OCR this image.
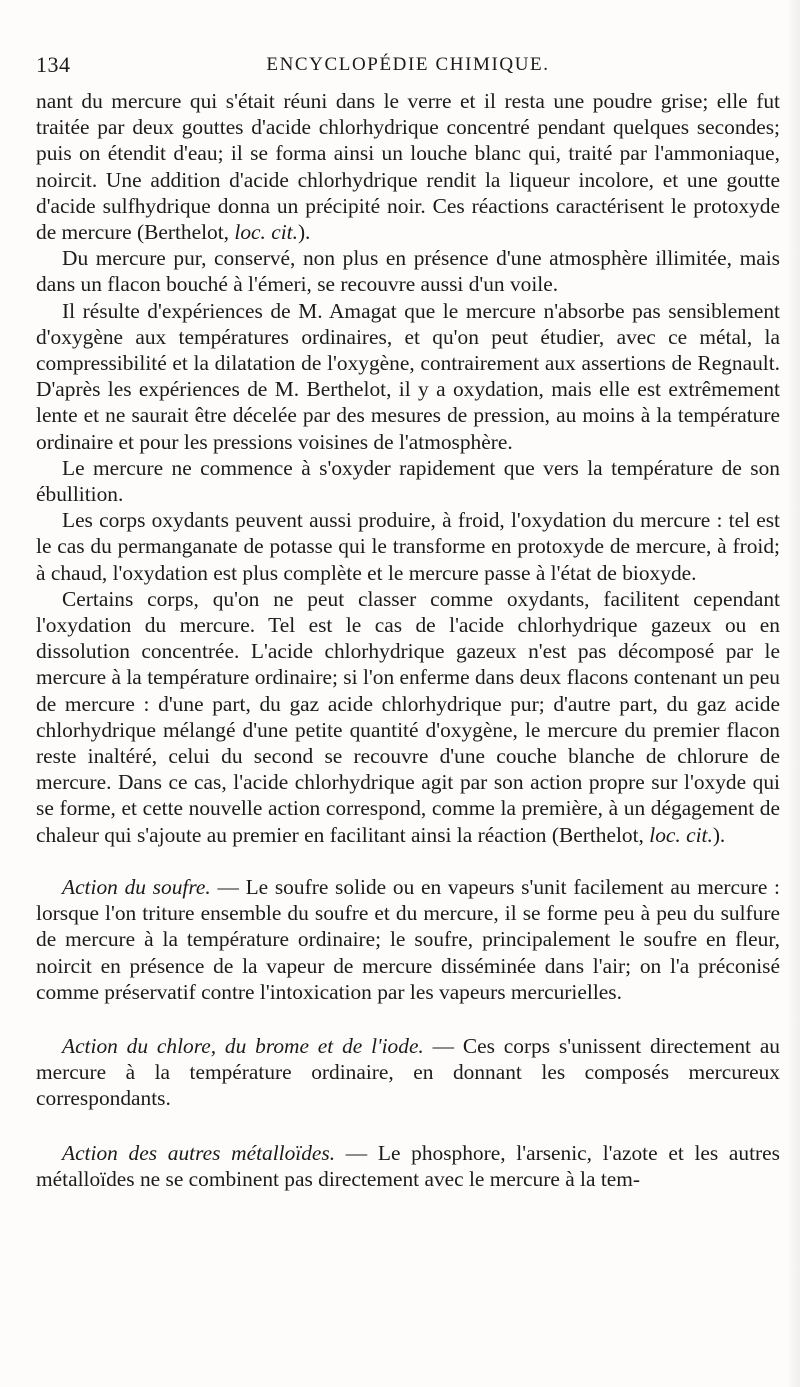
134	ENCYCLOPÉDIE CHIMIQUE.

nant du mercure qui s'était réuni dans le verre et il resta une poudre grise; elle fut traitée par deux gouttes d'acide chlorhydrique concentré pendant quelques secondes; puis on étendit d'eau; il se forma ainsi un louche blanc qui, traité par l'ammoniaque, noircit. Une addition d'acide chlorhydrique rendit la liqueur incolore, et une goutte d'acide sulfhydrique donna un précipité noir. Ces réactions caractérisent le protoxyde de mercure (Berthelot, loc. cit.).

Du mercure pur, conservé, non plus en présence d'une atmosphère illimitée, mais dans un flacon bouché à l'émeri, se recouvre aussi d'un voile.

Il résulte d'expériences de M. Amagat que le mercure n'absorbe pas sensiblement d'oxygène aux températures ordinaires, et qu'on peut étudier, avec ce métal, la compressibilité et la dilatation de l'oxygène, contrairement aux assertions de Regnault. D'après les expériences de M. Berthelot, il y a oxydation, mais elle est extrêmement lente et ne saurait être décelée par des mesures de pression, au moins à la température ordinaire et pour les pressions voisines de l'atmosphère.

Le mercure ne commence à s'oxyder rapidement que vers la température de son ébullition.

Les corps oxydants peuvent aussi produire, à froid, l'oxydation du mercure : tel est le cas du permanganate de potasse qui le transforme en protoxyde de mercure, à froid; à chaud, l'oxydation est plus complète et le mercure passe à l'état de bioxyde.

Certains corps, qu'on ne peut classer comme oxydants, facilitent cependant l'oxydation du mercure. Tel est le cas de l'acide chlorhydrique gazeux ou en dissolution concentrée. L'acide chlorhydrique gazeux n'est pas décomposé par le mercure à la température ordinaire; si l'on enferme dans deux flacons contenant un peu de mercure : d'une part, du gaz acide chlorhydrique pur; d'autre part, du gaz acide chlorhydrique mélangé d'une petite quantité d'oxygène, le mercure du premier flacon reste inaltéré, celui du second se recouvre d'une couche blanche de chlorure de mercure. Dans ce cas, l'acide chlorhydrique agit par son action propre sur l'oxyde qui se forme, et cette nouvelle action correspond, comme la première, à un dégagement de chaleur qui s'ajoute au premier en facilitant ainsi la réaction (Berthelot, loc. cit.).

Action du soufre. — Le soufre solide ou en vapeurs s'unit facilement au mercure : lorsque l'on triture ensemble du soufre et du mercure, il se forme peu à peu du sulfure de mercure à la température ordinaire; le soufre, principalement le soufre en fleur, noircit en présence de la vapeur de mercure disséminée dans l'air; on l'a préconisé comme préservatif contre l'intoxication par les vapeurs mercurielles.

Action du chlore, du brome et de l'iode. — Ces corps s'unissent directement au mercure à la température ordinaire, en donnant les composés mercureux correspondants.

Action des autres métalloïdes. — Le phosphore, l'arsenic, l'azote et les autres métalloïdes ne se combinent pas directement avec le mercure à la tem-
